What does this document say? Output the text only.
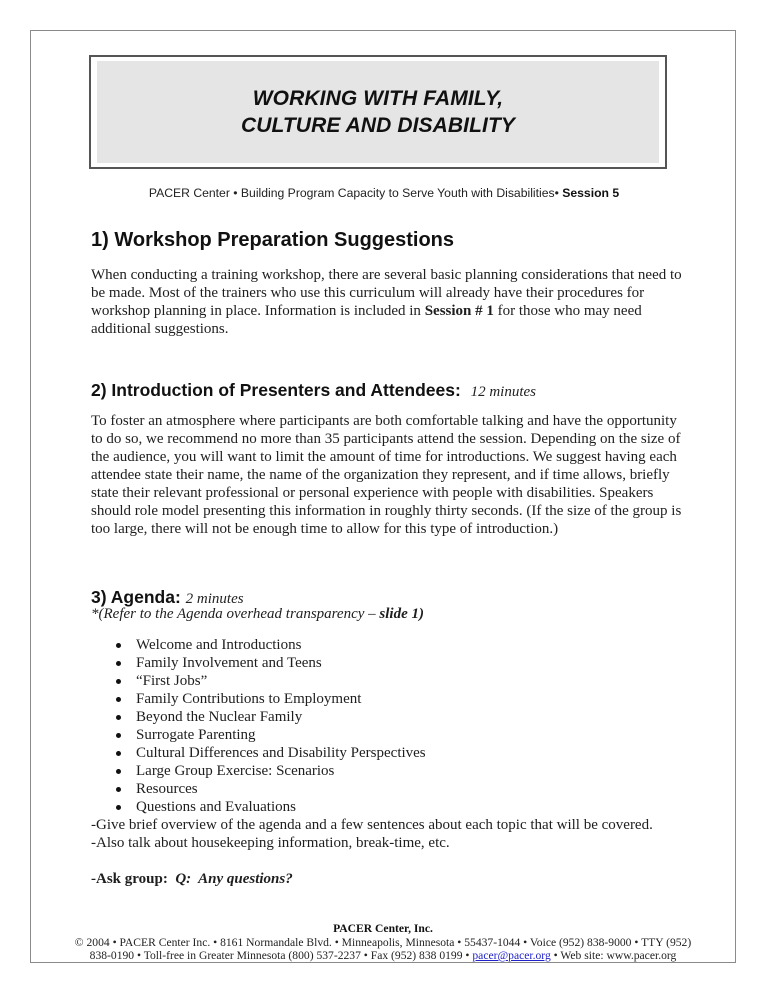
WORKING WITH FAMILY,
CULTURE AND DISABILITY
PACER Center • Building Program Capacity to Serve Youth with Disabilities• Session 5
1) Workshop Preparation Suggestions

When conducting a training workshop, there are several basic planning considerations that need to be made. Most of the trainers who use this curriculum will already have their procedures for workshop planning in place. Information is included in Session # 1 for those who may need additional suggestions.

2) Introduction of Presenters and Attendees: 12 minutes

To foster an atmosphere where participants are both comfortable talking and have the opportunity to do so, we recommend no more than 35 participants attend the session. Depending on the size of the audience, you will want to limit the amount of time for introductions. We suggest having each attendee state their name, the name of the organization they represent, and if time allows, briefly state their relevant professional or personal experience with people with disabilities. Speakers should role model presenting this information in roughly thirty seconds. (If the size of the group is too large, there will not be enough time to allow for this type of introduction.)

3) Agenda: 2 minutes
*(Refer to the Agenda overhead transparency – slide 1)
Welcome and Introductions
Family Involvement and Teens
“First Jobs”
Family Contributions to Employment
Beyond the Nuclear Family
Surrogate Parenting
Cultural Differences and Disability Perspectives
Large Group Exercise: Scenarios
Resources
Questions and Evaluations

-Give brief overview of the agenda and a few sentences about each topic that will be covered.

-Also talk about housekeeping information, break-time, etc.

-Ask group:  Q:  Any questions?
PACER Center, Inc.
© 2004 • PACER Center Inc. • 8161 Normandale Blvd. • Minneapolis, Minnesota • 55437-1044 • Voice (952) 838-9000 • TTY (952)
838-0190 • Toll-free in Greater Minnesota (800) 537-2237 • Fax (952) 838 0199 • pacer@pacer.org • Web site: www.pacer.org
